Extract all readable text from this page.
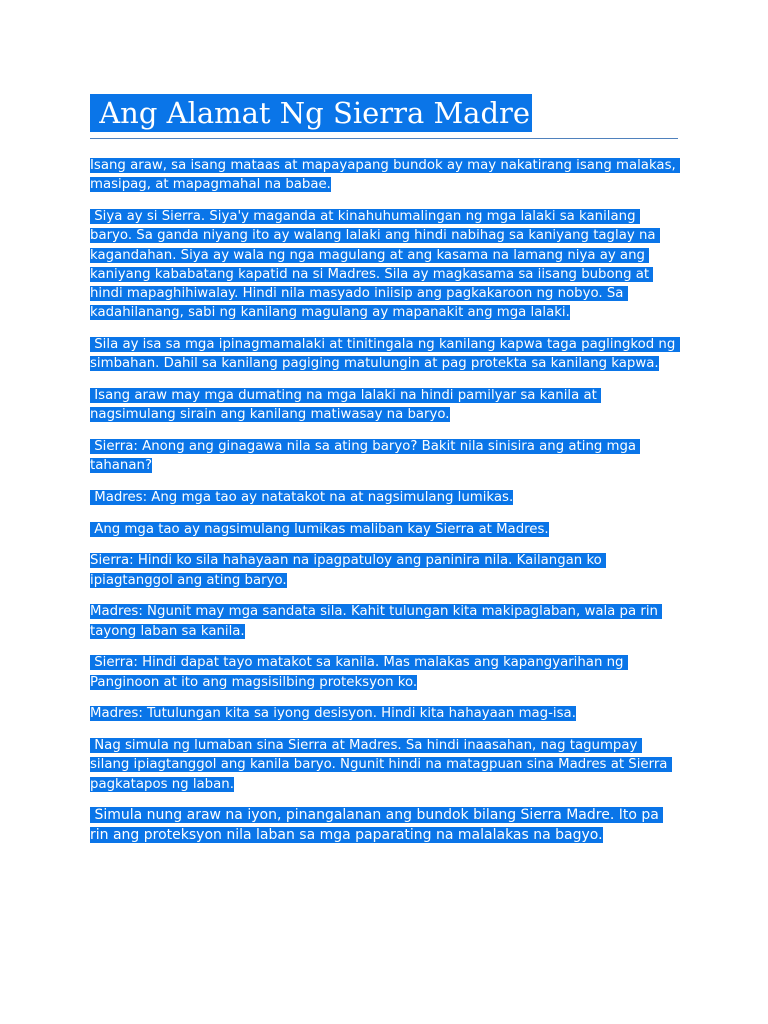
Ang Alamat Ng Sierra Madre

Isang araw, sa isang mataas at mapayapang bundok ay may nakatirang isang malakas, masipag, at mapagmahal na babae.

Siya ay si Sierra. Siya'y maganda at kinahuhumalingan ng mga lalaki sa kanilang baryo. Sa ganda niyang ito ay walang lalaki ang hindi nabihag sa kaniyang taglay na kagandahan. Siya ay wala ng nga magulang at ang kasama na lamang niya ay ang kaniyang kababatang kapatid na si Madres. Sila ay magkasama sa iisang bubong at hindi mapaghihiwalay. Hindi nila masyado iniisip ang pagkakaroon ng nobyo. Sa kadahilanang, sabi ng kanilang magulang ay mapanakit ang mga lalaki.

Sila ay isa sa mga ipinagmamalaki at tinitingala ng kanilang kapwa taga paglingkod ng simbahan. Dahil sa kanilang pagiging matulungin at pag protekta sa kanilang kapwa.

Isang araw may mga dumating na mga lalaki na hindi pamilyar sa kanila at nagsimulang sirain ang kanilang matiwasay na baryo.

Sierra: Anong ang ginagawa nila sa ating baryo? Bakit nila sinisira ang ating mga tahanan?

Madres: Ang mga tao ay natatakot na at nagsimulang lumikas.

Ang mga tao ay nagsimulang lumikas maliban kay Sierra at Madres.

Sierra: Hindi ko sila hahayaan na ipagpatuloy ang paninira nila. Kailangan ko ipiagtanggol ang ating baryo.

Madres: Ngunit may mga sandata sila. Kahit tulungan kita makipaglaban, wala pa rin tayong laban sa kanila.

Sierra: Hindi dapat tayo matakot sa kanila. Mas malakas ang kapangyarihan ng Panginoon at ito ang magsisilbing proteksyon ko.

Madres: Tutulungan kita sa iyong desisyon. Hindi kita hahayaan mag-isa.

Nag simula ng lumaban sina Sierra at Madres. Sa hindi inaasahan, nag tagumpay silang ipiagtanggol ang kanila baryo. Ngunit hindi na matagpuan sina Madres at Sierra pagkatapos ng laban.

Simula nung araw na iyon, pinangalanan ang bundok bilang Sierra Madre. Ito pa rin ang proteksyon nila laban sa mga paparating na malalakas na bagyo.
